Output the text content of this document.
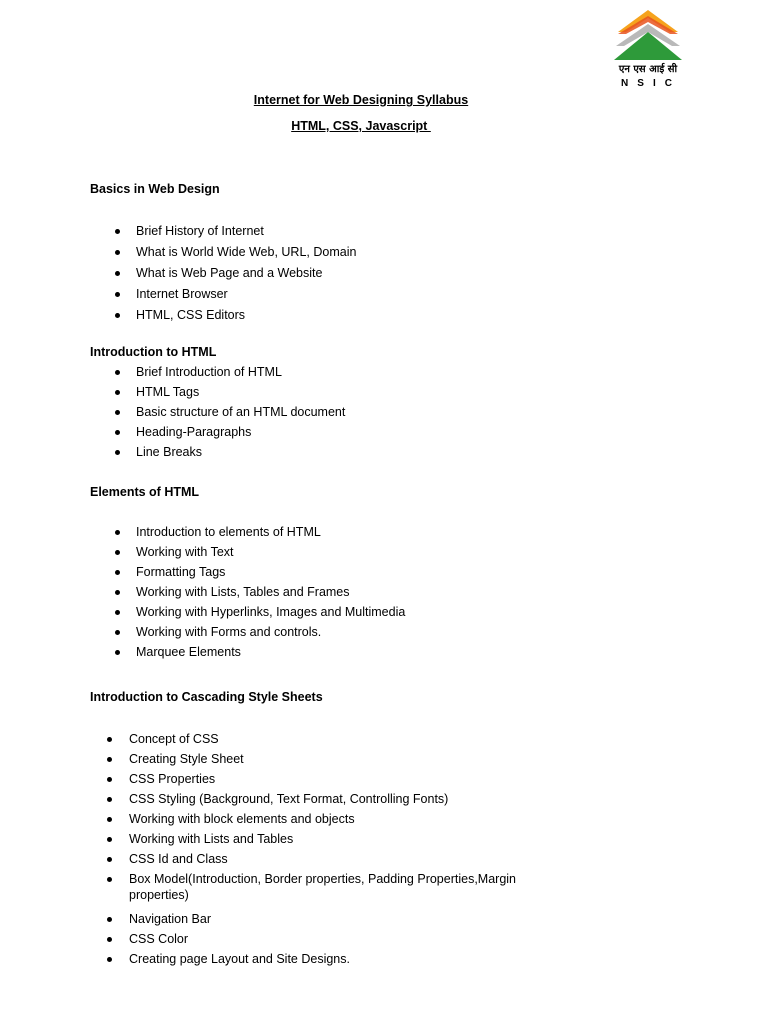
एन एस आई सी
NSIC
Internet for Web Designing Syllabus
HTML, CSS, Javascript
Basics in Web Design
Brief History of Internet
What is World Wide Web, URL, Domain
What is Web Page and a Website
Internet Browser
HTML, CSS Editors
Introduction to HTML
Brief Introduction of HTML
HTML Tags
Basic structure of an HTML document
Heading-Paragraphs
Line Breaks
Elements of HTML
Introduction to elements of HTML
Working with Text
Formatting Tags
Working with Lists, Tables and Frames
Working with Hyperlinks, Images and Multimedia
Working with Forms and controls.
Marquee Elements
Introduction to Cascading Style Sheets
Concept of CSS
Creating Style Sheet
CSS Properties
CSS Styling (Background, Text Format, Controlling Fonts)
Working with block elements and objects
Working with Lists and Tables
CSS Id and Class
Box Model(Introduction, Border properties, Padding Properties,Margin properties)
Navigation Bar
CSS Color
Creating page Layout and Site Designs.
